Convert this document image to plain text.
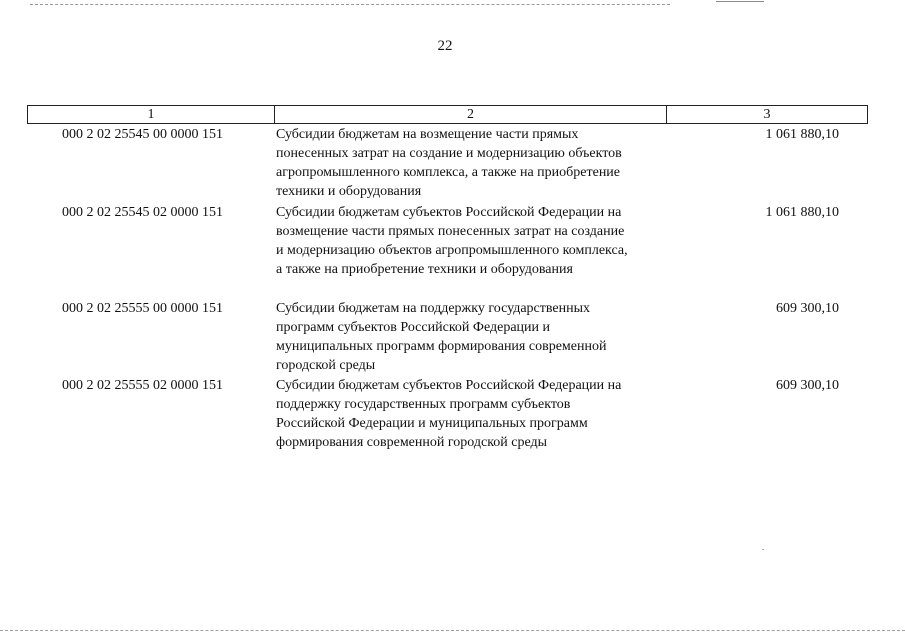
22
1	2	3
000 2 02 25545 00 0000 151	Субсидии бюджетам на возмещение части прямых
понесенных затрат на создание и модернизацию объектов
агропромышленного комплекса, а также на приобретение
техники и оборудования
1 061 880,10
000 2 02 25545 02 0000 151	Субсидии бюджетам субъектов Российской Федерации на
возмещение части прямых понесенных затрат на создание
и модернизацию объектов агропромышленного комплекса,
а также на приобретение техники и оборудования
1 061 880,10
000 2 02 25555 00 0000 151	Субсидии бюджетам на поддержку государственных
программ субъектов Российской Федерации и
муниципальных программ формирования современной
городской среды
609 300,10
000 2 02 25555 02 0000 151	Субсидии бюджетам субъектов Российской Федерации на
поддержку государственных программ субъектов
Российской Федерации и муниципальных программ
формирования современной городской среды
609 300,10
